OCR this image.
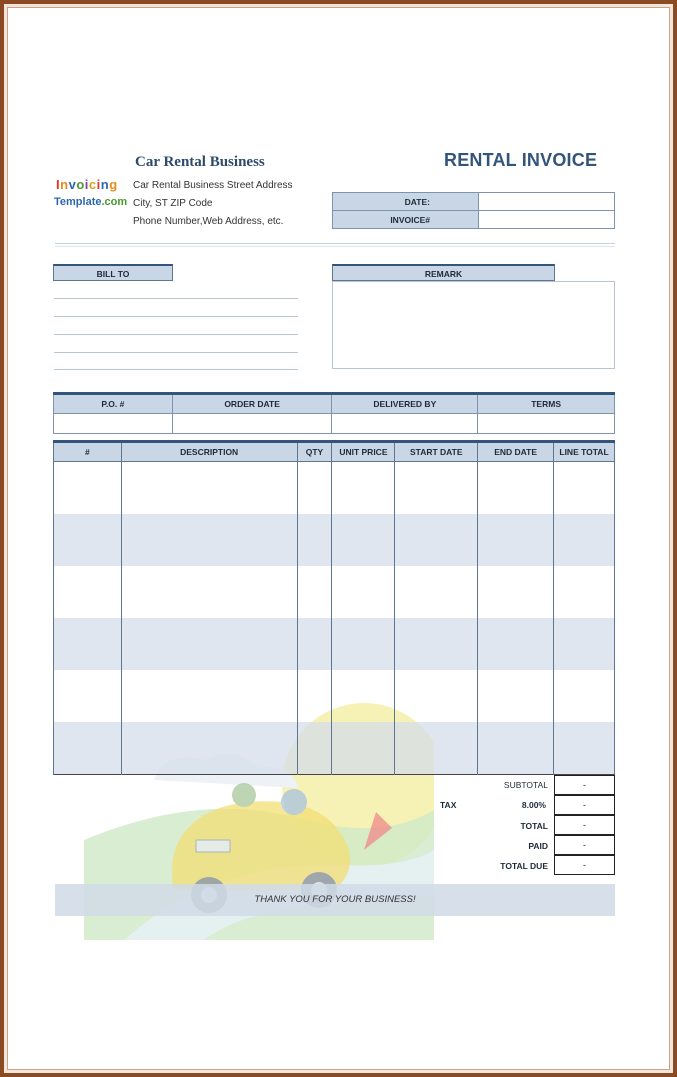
Car Rental Business
Invoicing
Template.com
Car Rental Business Street Address
City, ST ZIP Code
Phone Number,Web Address, etc.
RENTAL INVOICE
DATE:	
INVOICE#	
BILL TO	REMARK
P.O. #	ORDER DATE	DELIVERED BY	TERMS

#	DESCRIPTION	QTY	UNIT PRICE	START DATE	END DATE	LINE TOTAL

SUBTOTAL	-
TAX	8.00%	-
TOTAL	-
PAID	-
TOTAL DUE	-
THANK YOU FOR YOUR BUSINESS!
